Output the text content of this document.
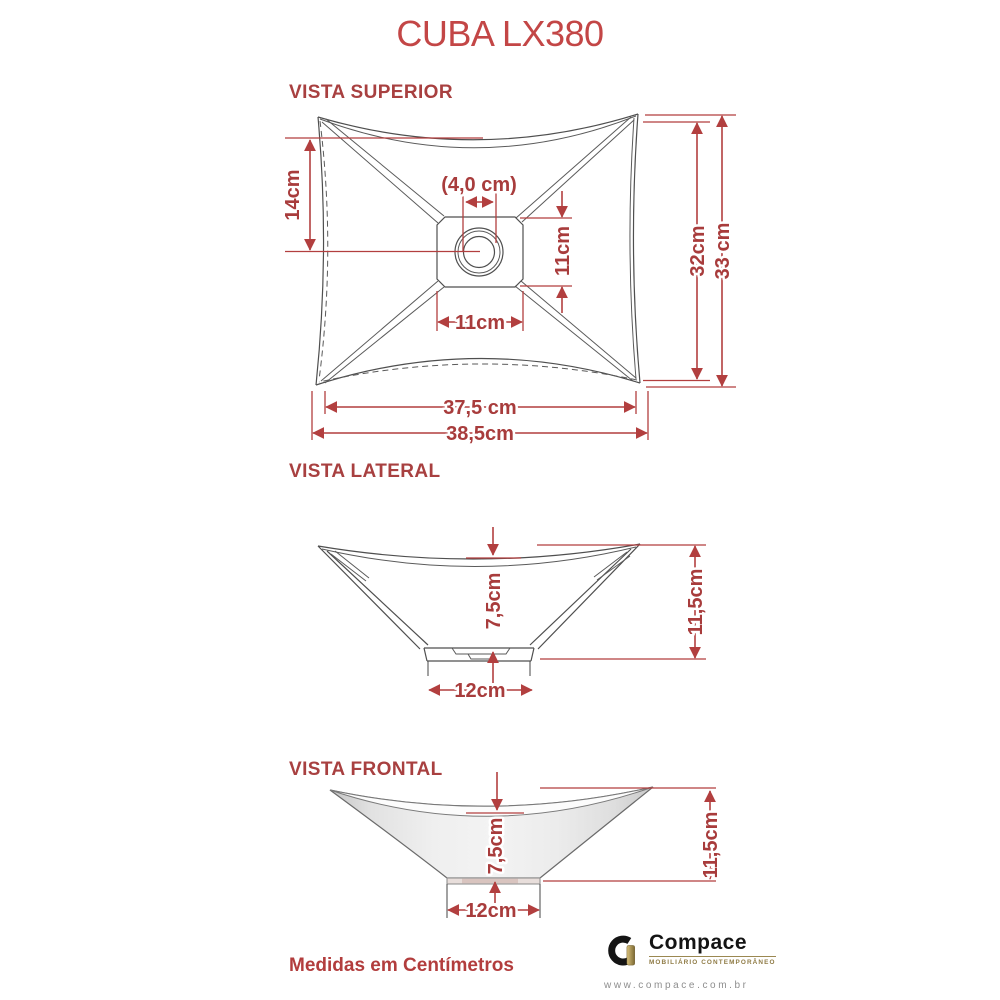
14cm	(4,0 cm)
11cm
11cm
37,5 cm
38,5cm
32cm 33 cm
7,5cm	11,5cm
12cm
7,5cm	11,5cm
12cm
CUBA LX380
VISTA SUPERIOR
VISTA LATERAL
VISTA FRONTAL
Medidas em Centímetros
Compace
MOBILIÁRIO CONTEMPORÂNEO
www.compace.com.br
